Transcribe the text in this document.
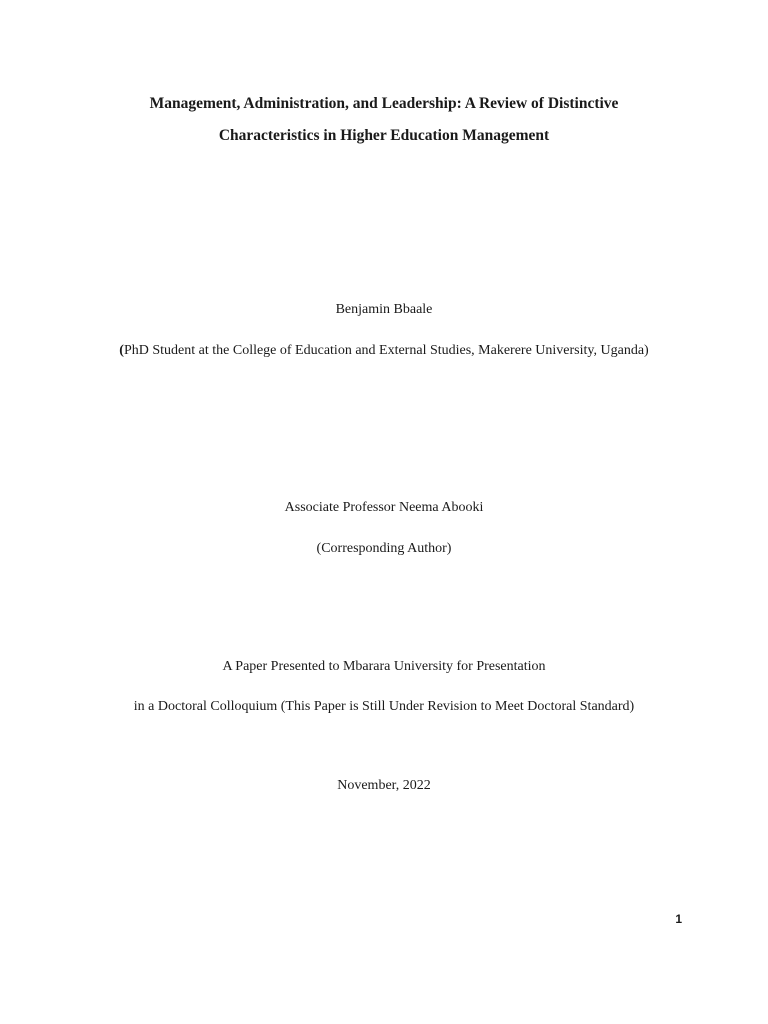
Management, Administration, and Leadership: A Review of Distinctive
Characteristics in Higher Education Management
Benjamin Bbaale
(PhD Student at the College of Education and External Studies, Makerere University, Uganda)
Associate Professor Neema Abooki
(Corresponding Author)
A Paper Presented to Mbarara University for Presentation
in a Doctoral Colloquium (This Paper is Still Under Revision to Meet Doctoral Standard)
November, 2022
1
